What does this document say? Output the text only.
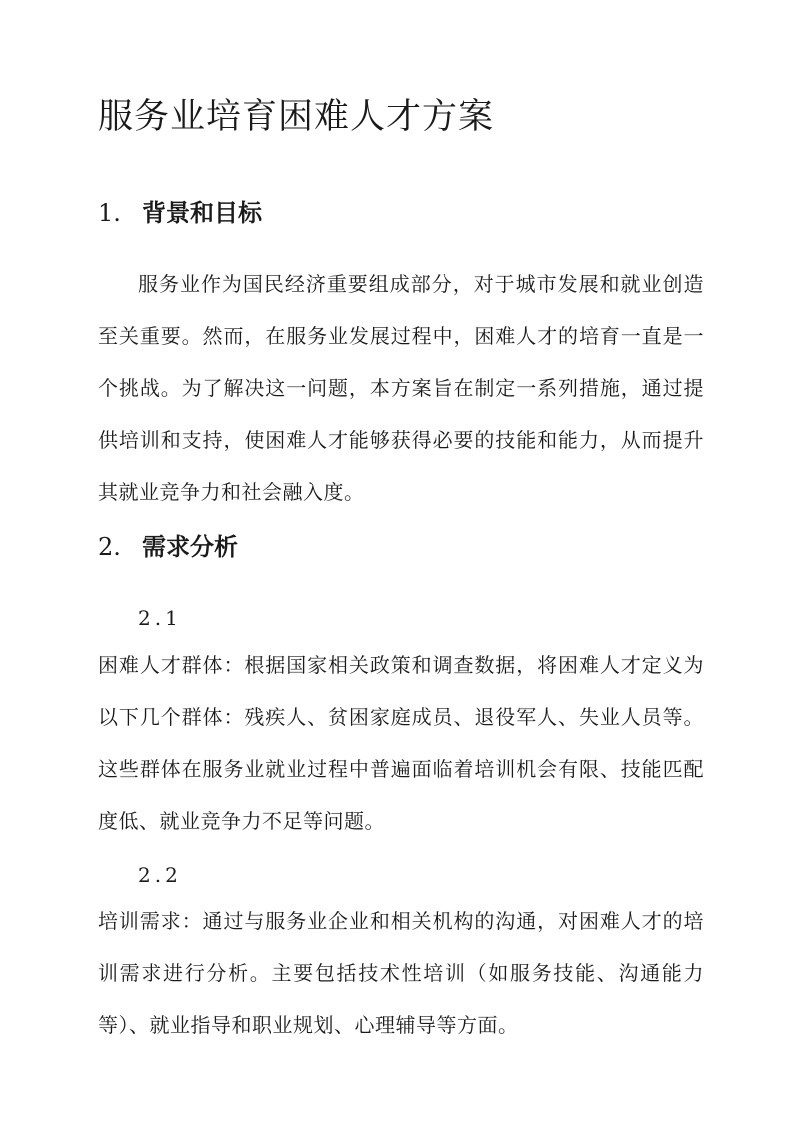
服务业培育困难人才方案
1. 背景和目标

服务业作为国民经济重要组成部分，对于城市发展和就业创造至关重要。然而，在服务业发展过程中，困难人才的培育一直是一个挑战。为了解决这一问题，本方案旨在制定一系列措施，通过提供培训和支持，使困难人才能够获得必要的技能和能力，从而提升其就业竞争力和社会融入度。

2. 需求分析

2.1

困难人才群体：根据国家相关政策和调查数据，将困难人才定义为以下几个群体：残疾人、贫困家庭成员、退役军人、失业人员等。这些群体在服务业就业过程中普遍面临着培训机会有限、技能匹配度低、就业竞争力不足等问题。

2.2

培训需求：通过与服务业企业和相关机构的沟通，对困难人才的培训需求进行分析。主要包括技术性培训（如服务技能、沟通能力等）、就业指导和职业规划、心理辅导等方面。
